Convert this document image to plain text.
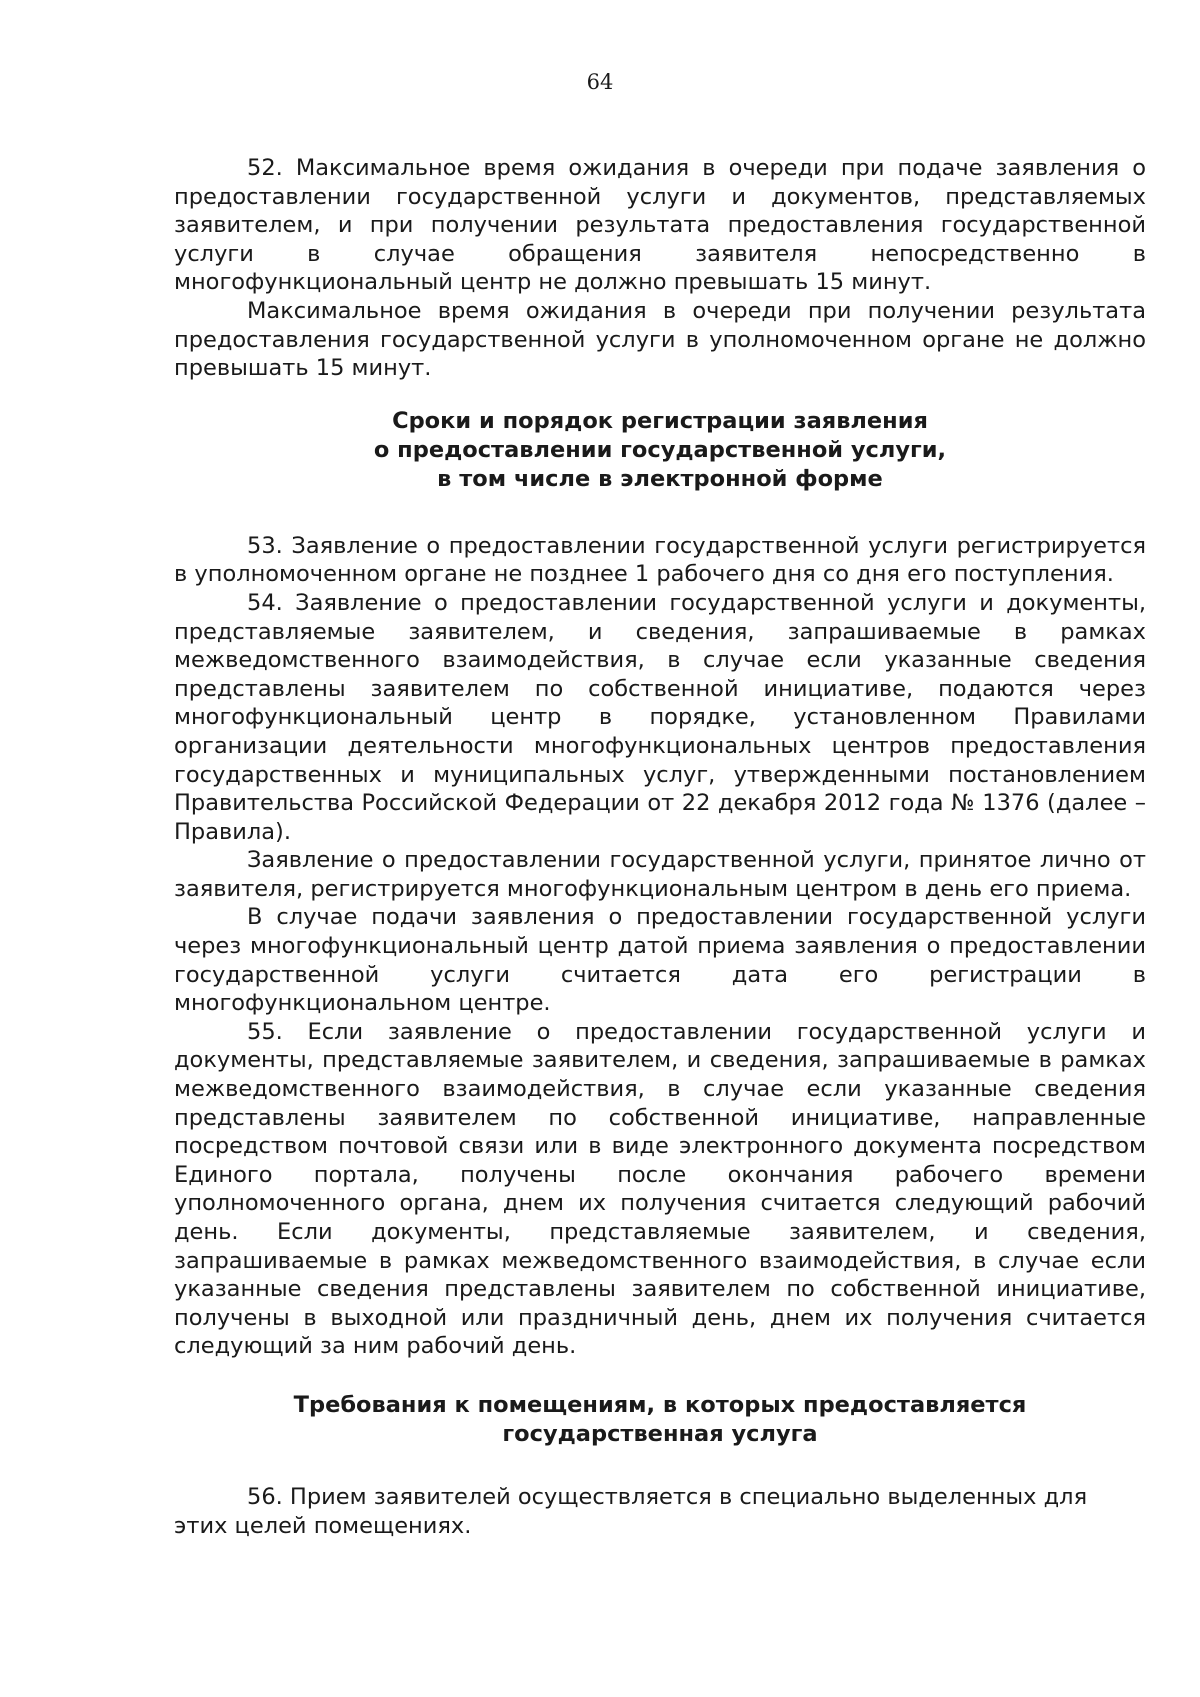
64

52. Максимальное время ожидания в очереди при подаче заявления о предоставлении государственной услуги и документов, представляемых заявителем, и при получении результата предоставления государственной услуги в случае обращения заявителя непосредственно в многофункциональный центр не должно превышать 15 минут.

Максимальное время ожидания в очереди при получении результата предоставления государственной услуги в уполномоченном органе не должно превышать 15 минут.

Сроки и порядок регистрации заявления
о предоставлении государственной услуги,
в том числе в электронной форме

53. Заявление о предоставлении государственной услуги регистрируется в уполномоченном органе не позднее 1 рабочего дня со дня его поступления.

54. Заявление о предоставлении государственной услуги и документы, представляемые заявителем, и сведения, запрашиваемые в рамках межведомственного взаимодействия, в случае если указанные сведения представлены заявителем по собственной инициативе, подаются через многофункциональный центр в порядке, установленном Правилами организации деятельности многофункциональных центров предоставления государственных и муниципальных услуг, утвержденными постановлением Правительства Российской Федерации от 22 декабря 2012 года № 1376 (далее – Правила).

Заявление о предоставлении государственной услуги, принятое лично от заявителя, регистрируется многофункциональным центром в день его приема.

В случае подачи заявления о предоставлении государственной услуги через многофункциональный центр датой приема заявления о предоставлении государственной услуги считается дата его регистрации в многофункциональном центре.

55. Если заявление о предоставлении государственной услуги и документы, представляемые заявителем, и сведения, запрашиваемые в рамках межведомственного взаимодействия, в случае если указанные сведения представлены заявителем по собственной инициативе, направленные посредством почтовой связи или в виде электронного документа посредством Единого портала, получены после окончания рабочего времени уполномоченного органа, днем их получения считается следующий рабочий день. Если документы, представляемые заявителем, и сведения, запрашиваемые в рамках межведомственного взаимодействия, в случае если указанные сведения представлены заявителем по собственной инициативе, получены в выходной или праздничный день, днем их получения считается следующий за ним рабочий день.

Требования к помещениям, в которых предоставляется
государственная услуга

56. Прием заявителей осуществляется в специально выделенных для этих целей помещениях.
